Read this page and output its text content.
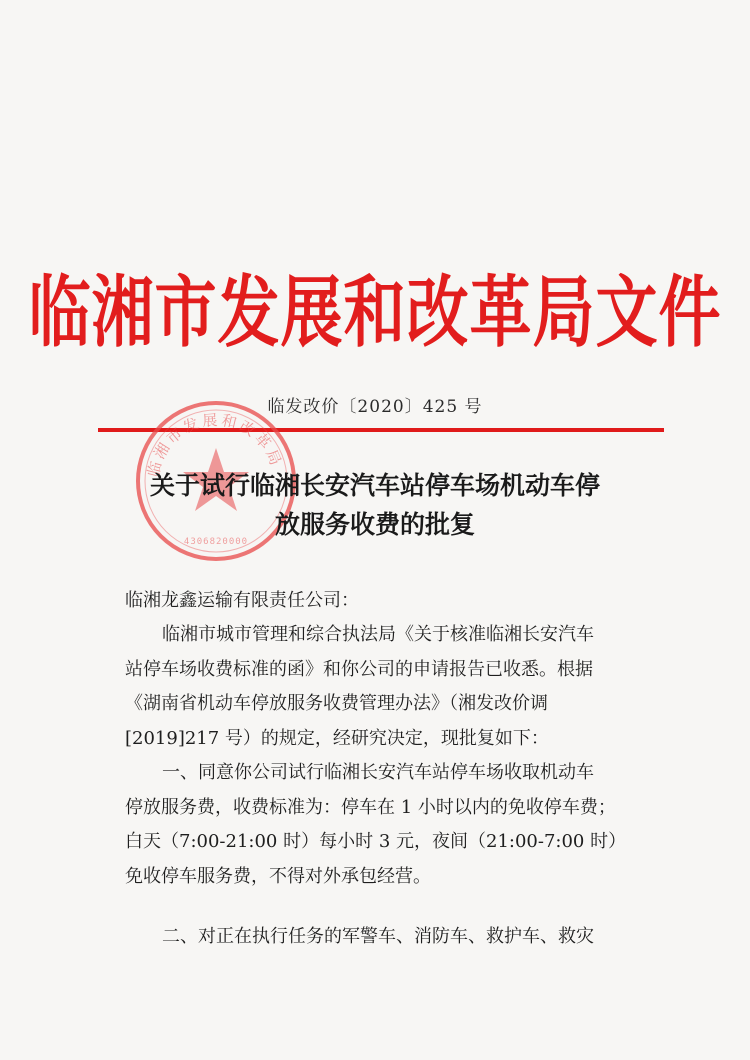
临湘市发展和改革局文件
临发改价〔2020〕425 号
临湘市发展和改革局
4306820000
关于试行临湘长安汽车站停车场机动车停
放服务收费的批复
临湘龙鑫运输有限责任公司：
临湘市城市管理和综合执法局《关于核准临湘长安汽车
站停车场收费标准的函》和你公司的申请报告已收悉。根据
《湖南省机动车停放服务收费管理办法》（湘发改价调
[2019]217 号）的规定，经研究决定，现批复如下：
一、同意你公司试行临湘长安汽车站停车场收取机动车
停放服务费，收费标准为：停车在 1 小时以内的免收停车费；
白天（7:00-21:00 时）每小时 3 元，夜间（21:00-7:00 时）
免收停车服务费，不得对外承包经营。
二、对正在执行任务的军警车、消防车、救护车、救灾
